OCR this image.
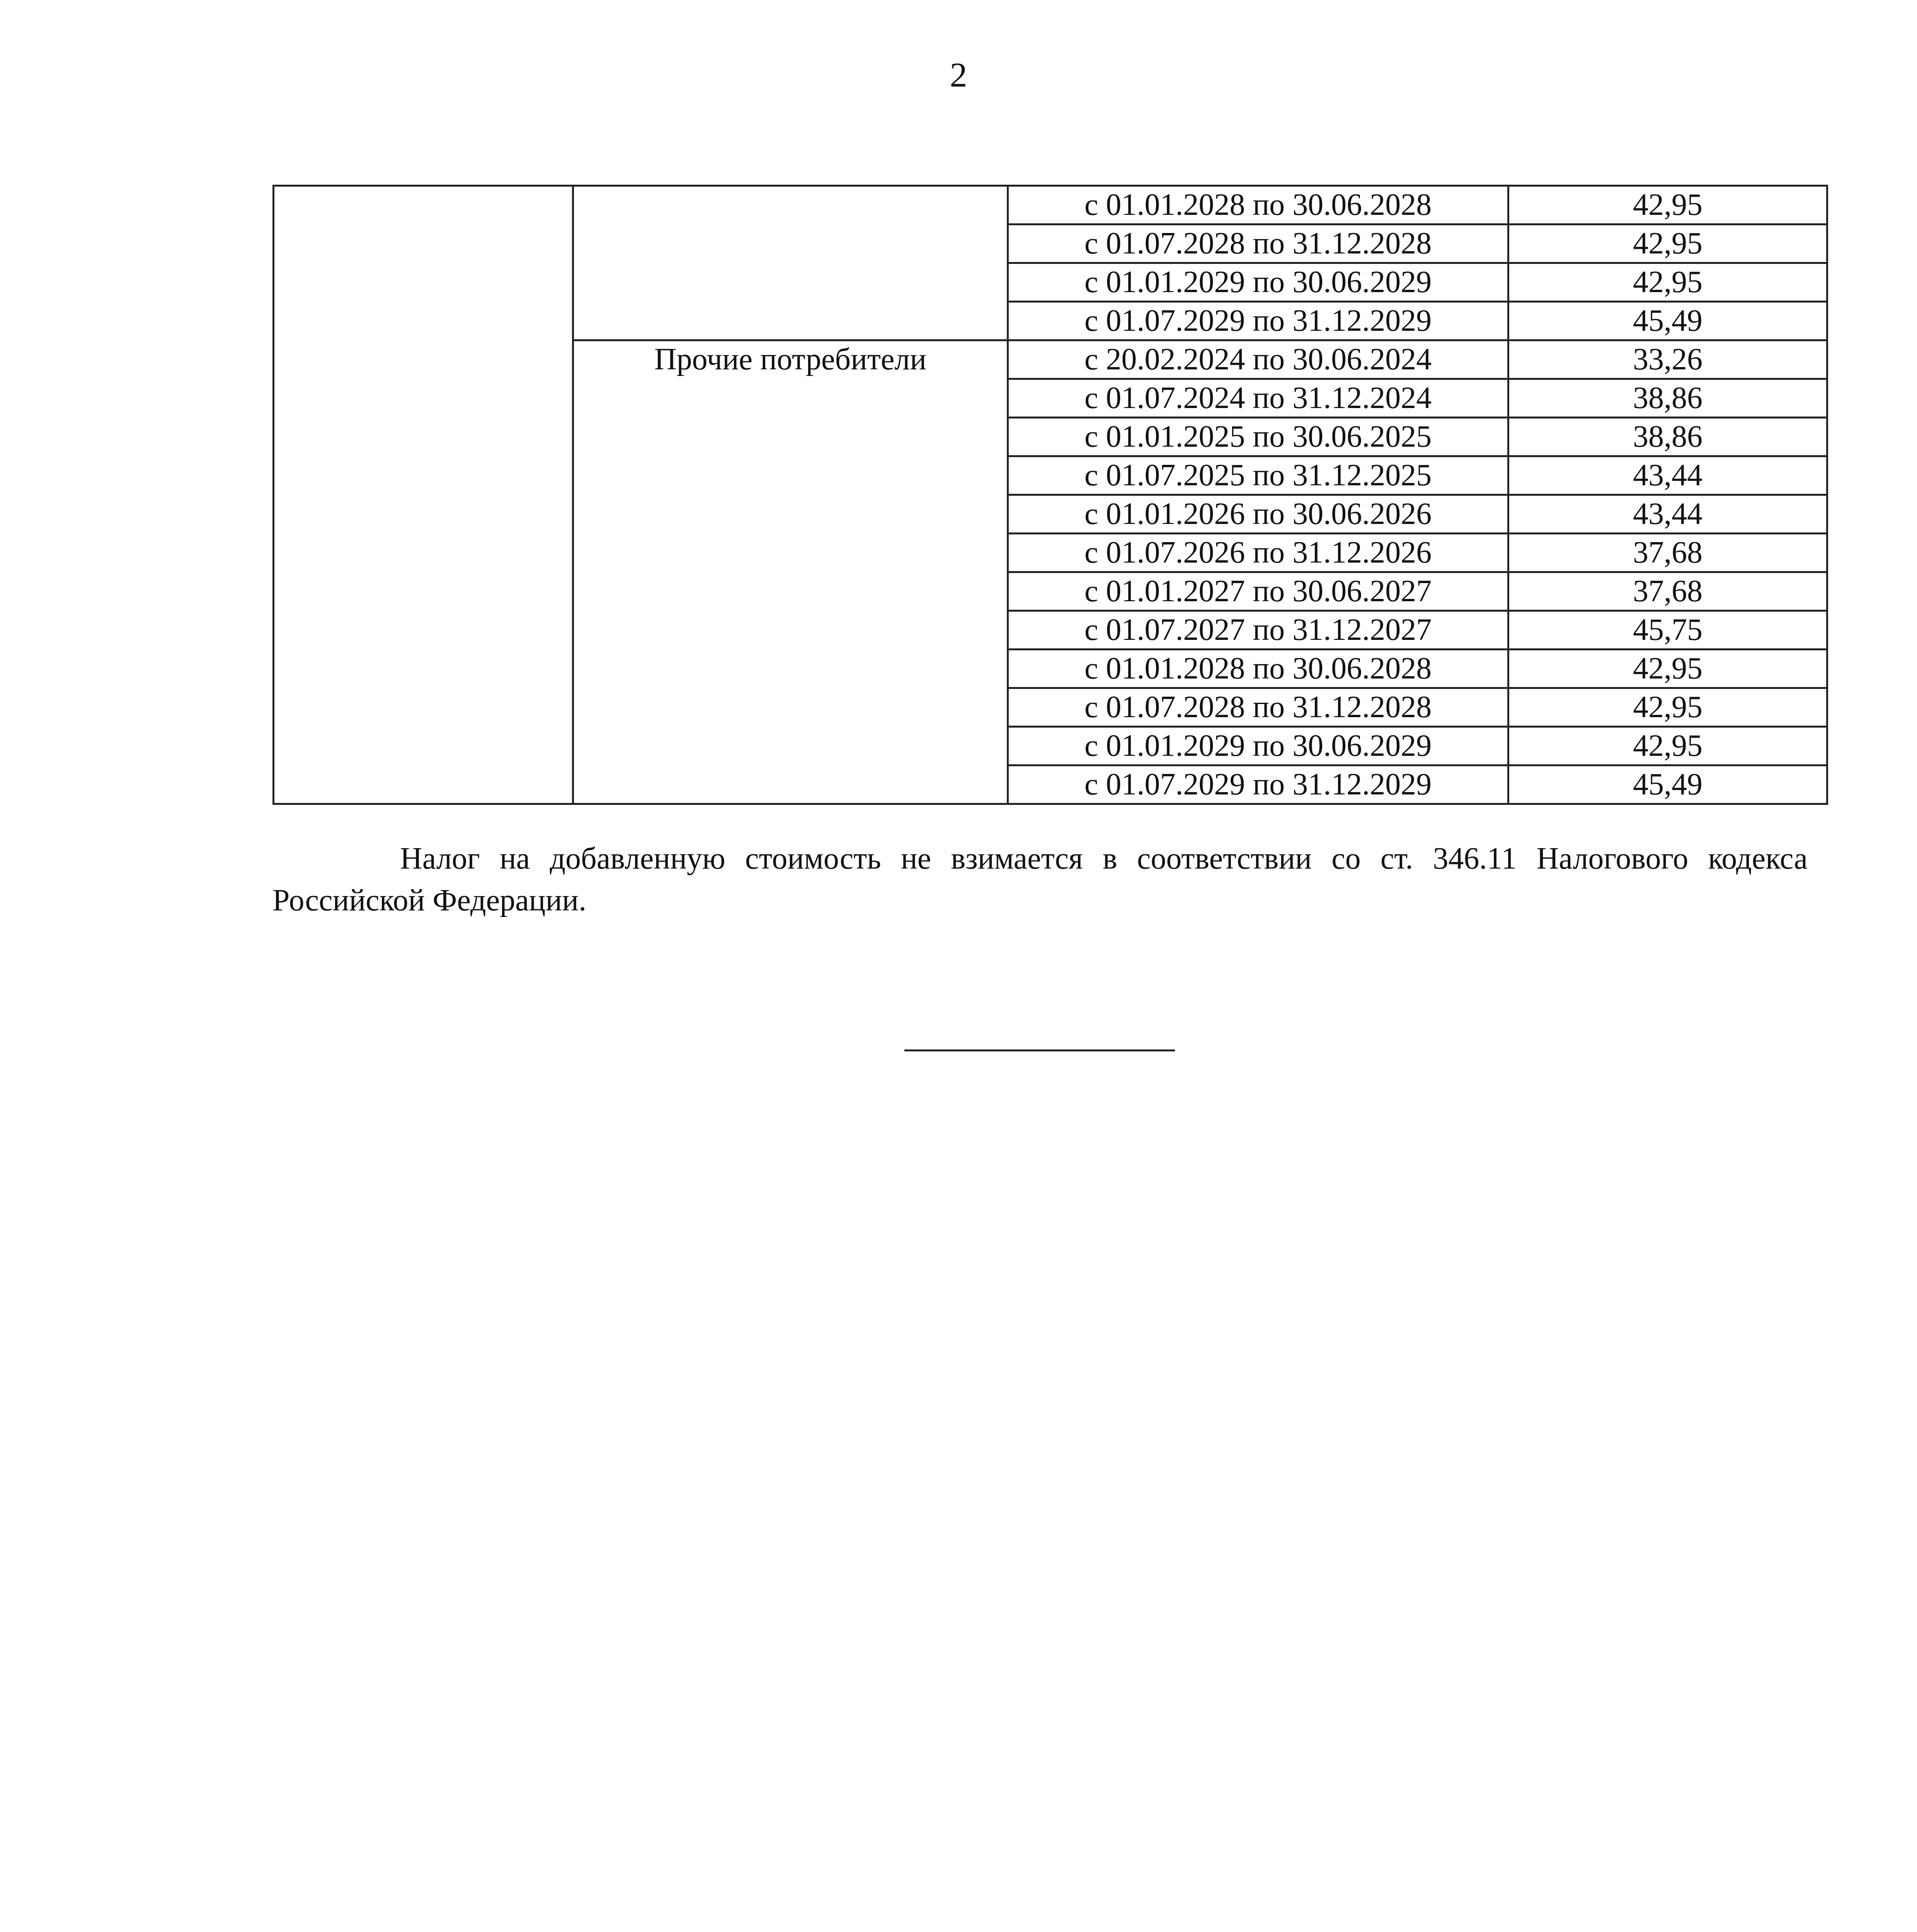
2
		с 01.01.2028 по 30.06.2028	42,95
		с 01.07.2028 по 31.12.2028	42,95
		с 01.01.2029 по 30.06.2029	42,95
		с 01.07.2029 по 31.12.2029	45,49
	Прочие потребители	с 20.02.2024 по 30.06.2024	33,26
		с 01.07.2024 по 31.12.2024	38,86
		с 01.01.2025 по 30.06.2025	38,86
		с 01.07.2025 по 31.12.2025	43,44
		с 01.01.2026 по 30.06.2026	43,44
		с 01.07.2026 по 31.12.2026	37,68
		с 01.01.2027 по 30.06.2027	37,68
		с 01.07.2027 по 31.12.2027	45,75
		с 01.01.2028 по 30.06.2028	42,95
		с 01.07.2028 по 31.12.2028	42,95
		с 01.01.2029 по 30.06.2029	42,95
		с 01.07.2029 по 31.12.2029	45,49
Налог на добавленную стоимость не взимается в соответствии со ст. 346.11 Налогового кодекса Российской Федерации.
